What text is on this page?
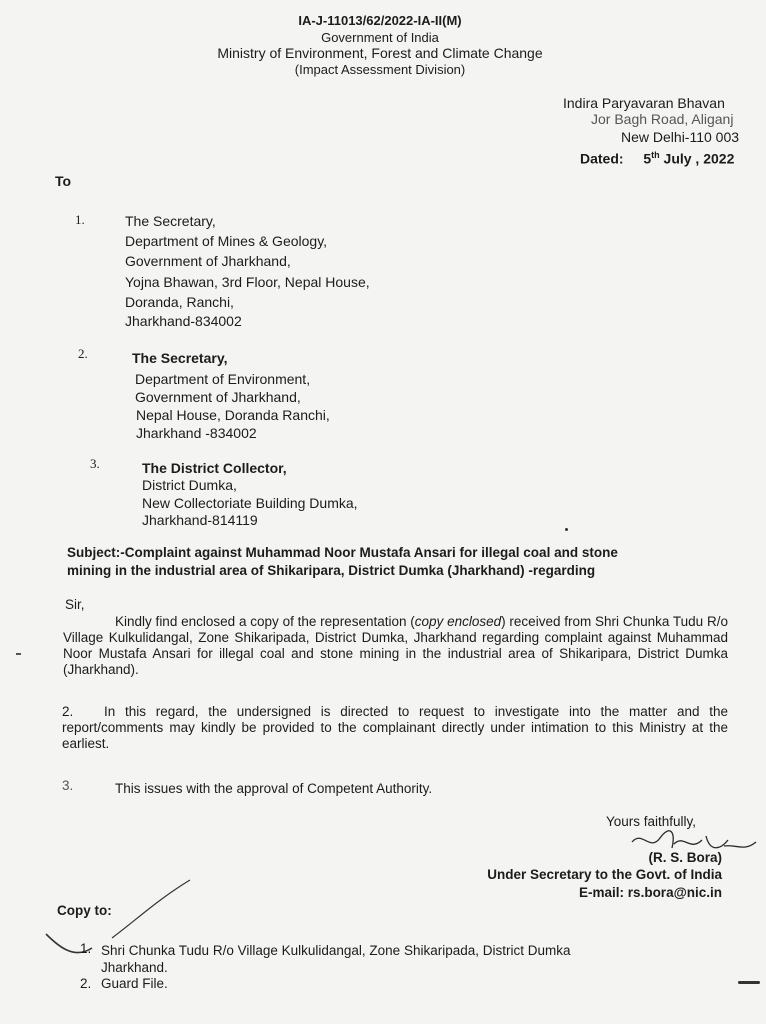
IA-J-11013/62/2022-IA-II(M)
Government of India
Ministry of Environment, Forest and Climate Change
(Impact Assessment Division)
Indira Paryavaran Bhavan
Jor Bagh Road, Aliganj
New Delhi-110 003
Dated: 5th July , 2022
To
1.	The Secretary,
Department of Mines & Geology,
Government of Jharkhand,
Yojna Bhawan, 3rd Floor, Nepal House,
Doranda, Ranchi,
Jharkhand-834002
2.	The Secretary,
Department of Environment,
Government of Jharkhand,
Nepal House, Doranda Ranchi,
Jharkhand -834002
3.	The District Collector,
District Dumka,
New Collectoriate Building Dumka,
Jharkhand-814119
Subject:-Complaint against Muhammad Noor Mustafa Ansari for illegal coal and stone
mining in the industrial area of Shikaripara, District Dumka (Jharkhand) -regarding
Sir,
Kindly find enclosed a copy of the representation (copy enclosed) received from Shri Chunka Tudu R/o Village Kulkulidangal, Zone Shikaripada, District Dumka, Jharkhand regarding complaint against Muhammad Noor Mustafa Ansari for illegal coal and stone mining in the industrial area of Shikaripara, District Dumka (Jharkhand).
2.	In this regard, the undersigned is directed to request to investigate into the matter and the report/comments may kindly be provided to the complainant directly under intimation to this Ministry at the earliest.
3.	This issues with the approval of Competent Authority.
Yours faithfully,
(R. S. Bora)
Under Secretary to the Govt. of India
E-mail: rs.bora@nic.in
Copy to:
1. Shri Chunka Tudu R/o Village Kulkulidangal, Zone Shikaripada, District Dumka
Jharkhand.
2. Guard File.
